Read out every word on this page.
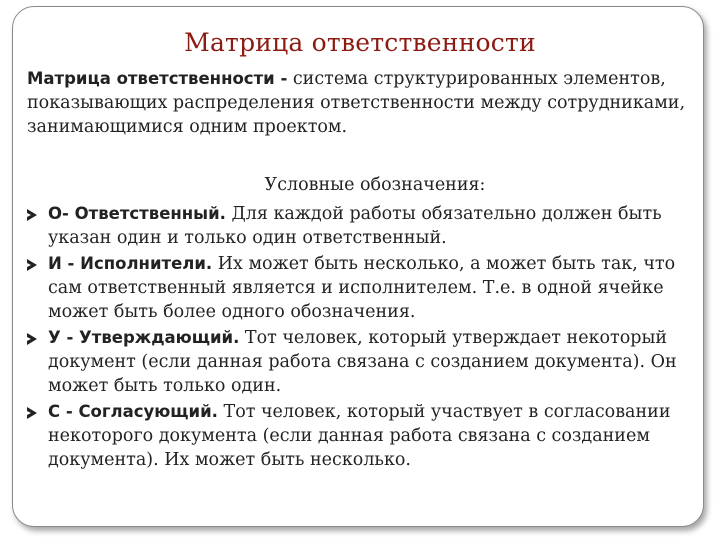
Матрица ответственности
Матрица ответственности - система структурированных элементов, показывающих распределения ответственности между сотрудниками, занимающимися одним проектом.
Условные обозначения:
О- Ответственный. Для каждой работы обязательно должен быть указан один и только один ответственный.
И - Исполнители. Их может быть несколько, а может быть так, что сам ответственный является и исполнителем. Т.е. в одной ячейке может быть более одного обозначения.
У - Утверждающий. Тот человек, который утверждает некоторый документ (если данная работа связана с созданием документа). Он может быть только один.
С - Согласующий. Тот человек, который участвует в согласовании некоторого документа (если данная работа связана с созданием документа). Их может быть несколько.
